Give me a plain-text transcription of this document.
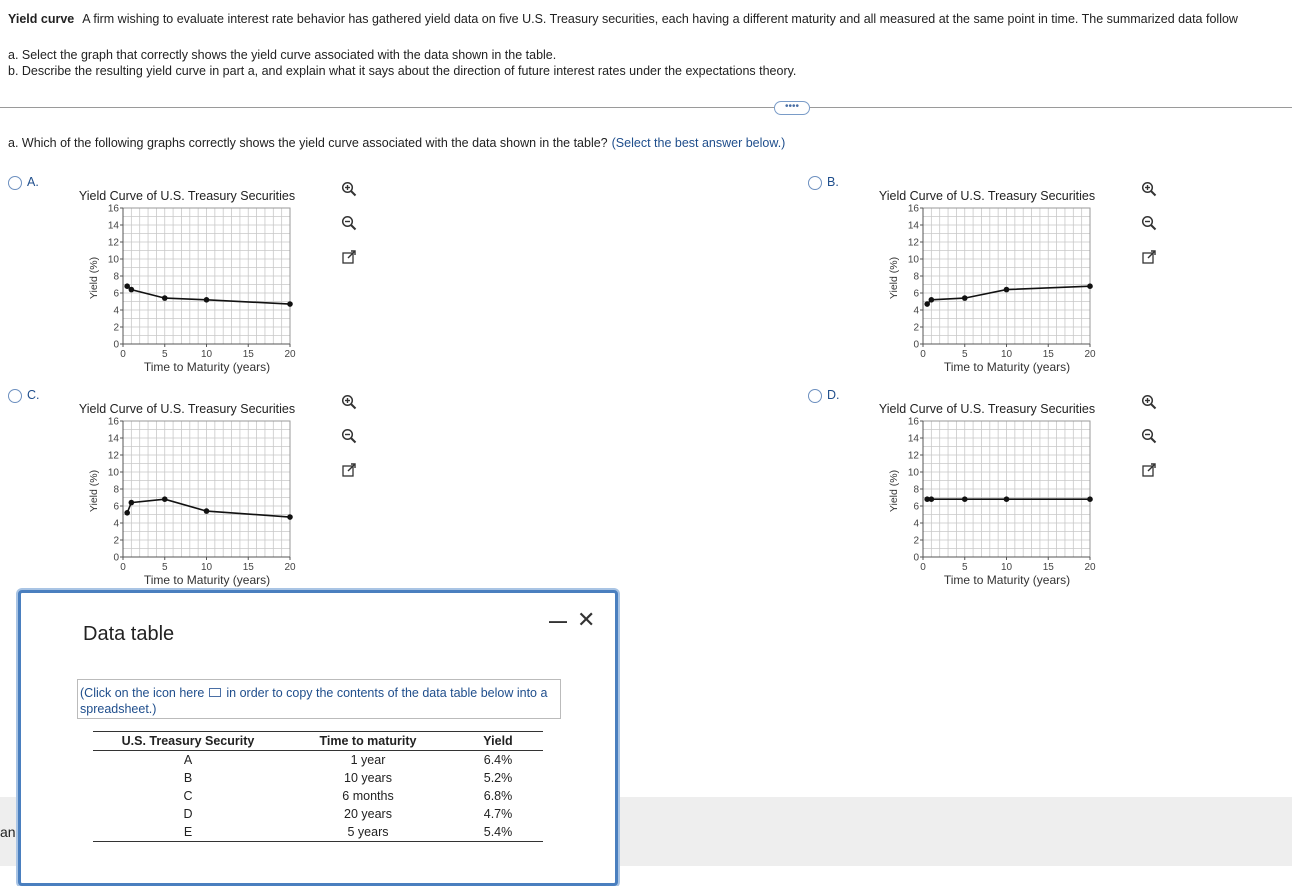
Yield curve A firm wishing to evaluate interest rate behavior has gathered yield data on five U.S. Treasury securities, each having a different maturity and all measured at the same point in time. The summarized data follow
a. Select the graph that correctly shows the yield curve associated with the data shown in the table.
b. Describe the resulting yield curve in part a, and explain what it says about the direction of future interest rates under the expectations theory.
••••
a. Which of the following graphs correctly shows the yield curve associated with the data shown in the table? (Select the best answer below.)
A.	B.
C.	D.
Yield Curve of U.S. Treasury Securities
0
2
4
6
8
10
12
14
16
0	5	10	15	20
Time to Maturity (years)
Yield (%)
Yield Curve of U.S. Treasury Securities
0
2
4
6
8
10
12
14
16
0	5	10	15	20
Time to Maturity (years)
Yield (%)
Yield Curve of U.S. Treasury Securities
0
2
4
6
8
10
12
14
16
0	5	10	15	20
Time to Maturity (years)
Yield (%)
Yield Curve of U.S. Treasury Securities
0
2
4
6
8
10
12
14
16
0	5	10	15	20
Time to Maturity (years)
Yield (%)
an
Data table
— ✕
(Click on the icon here in order to copy the contents of the data table below into a spreadsheet.)
U.S. Treasury Security	Time to maturity	Yield
A	1 year	6.4%
B	10 years	5.2%
C	6 months	6.8%
D	20 years	4.7%
E	5 years	5.4%
